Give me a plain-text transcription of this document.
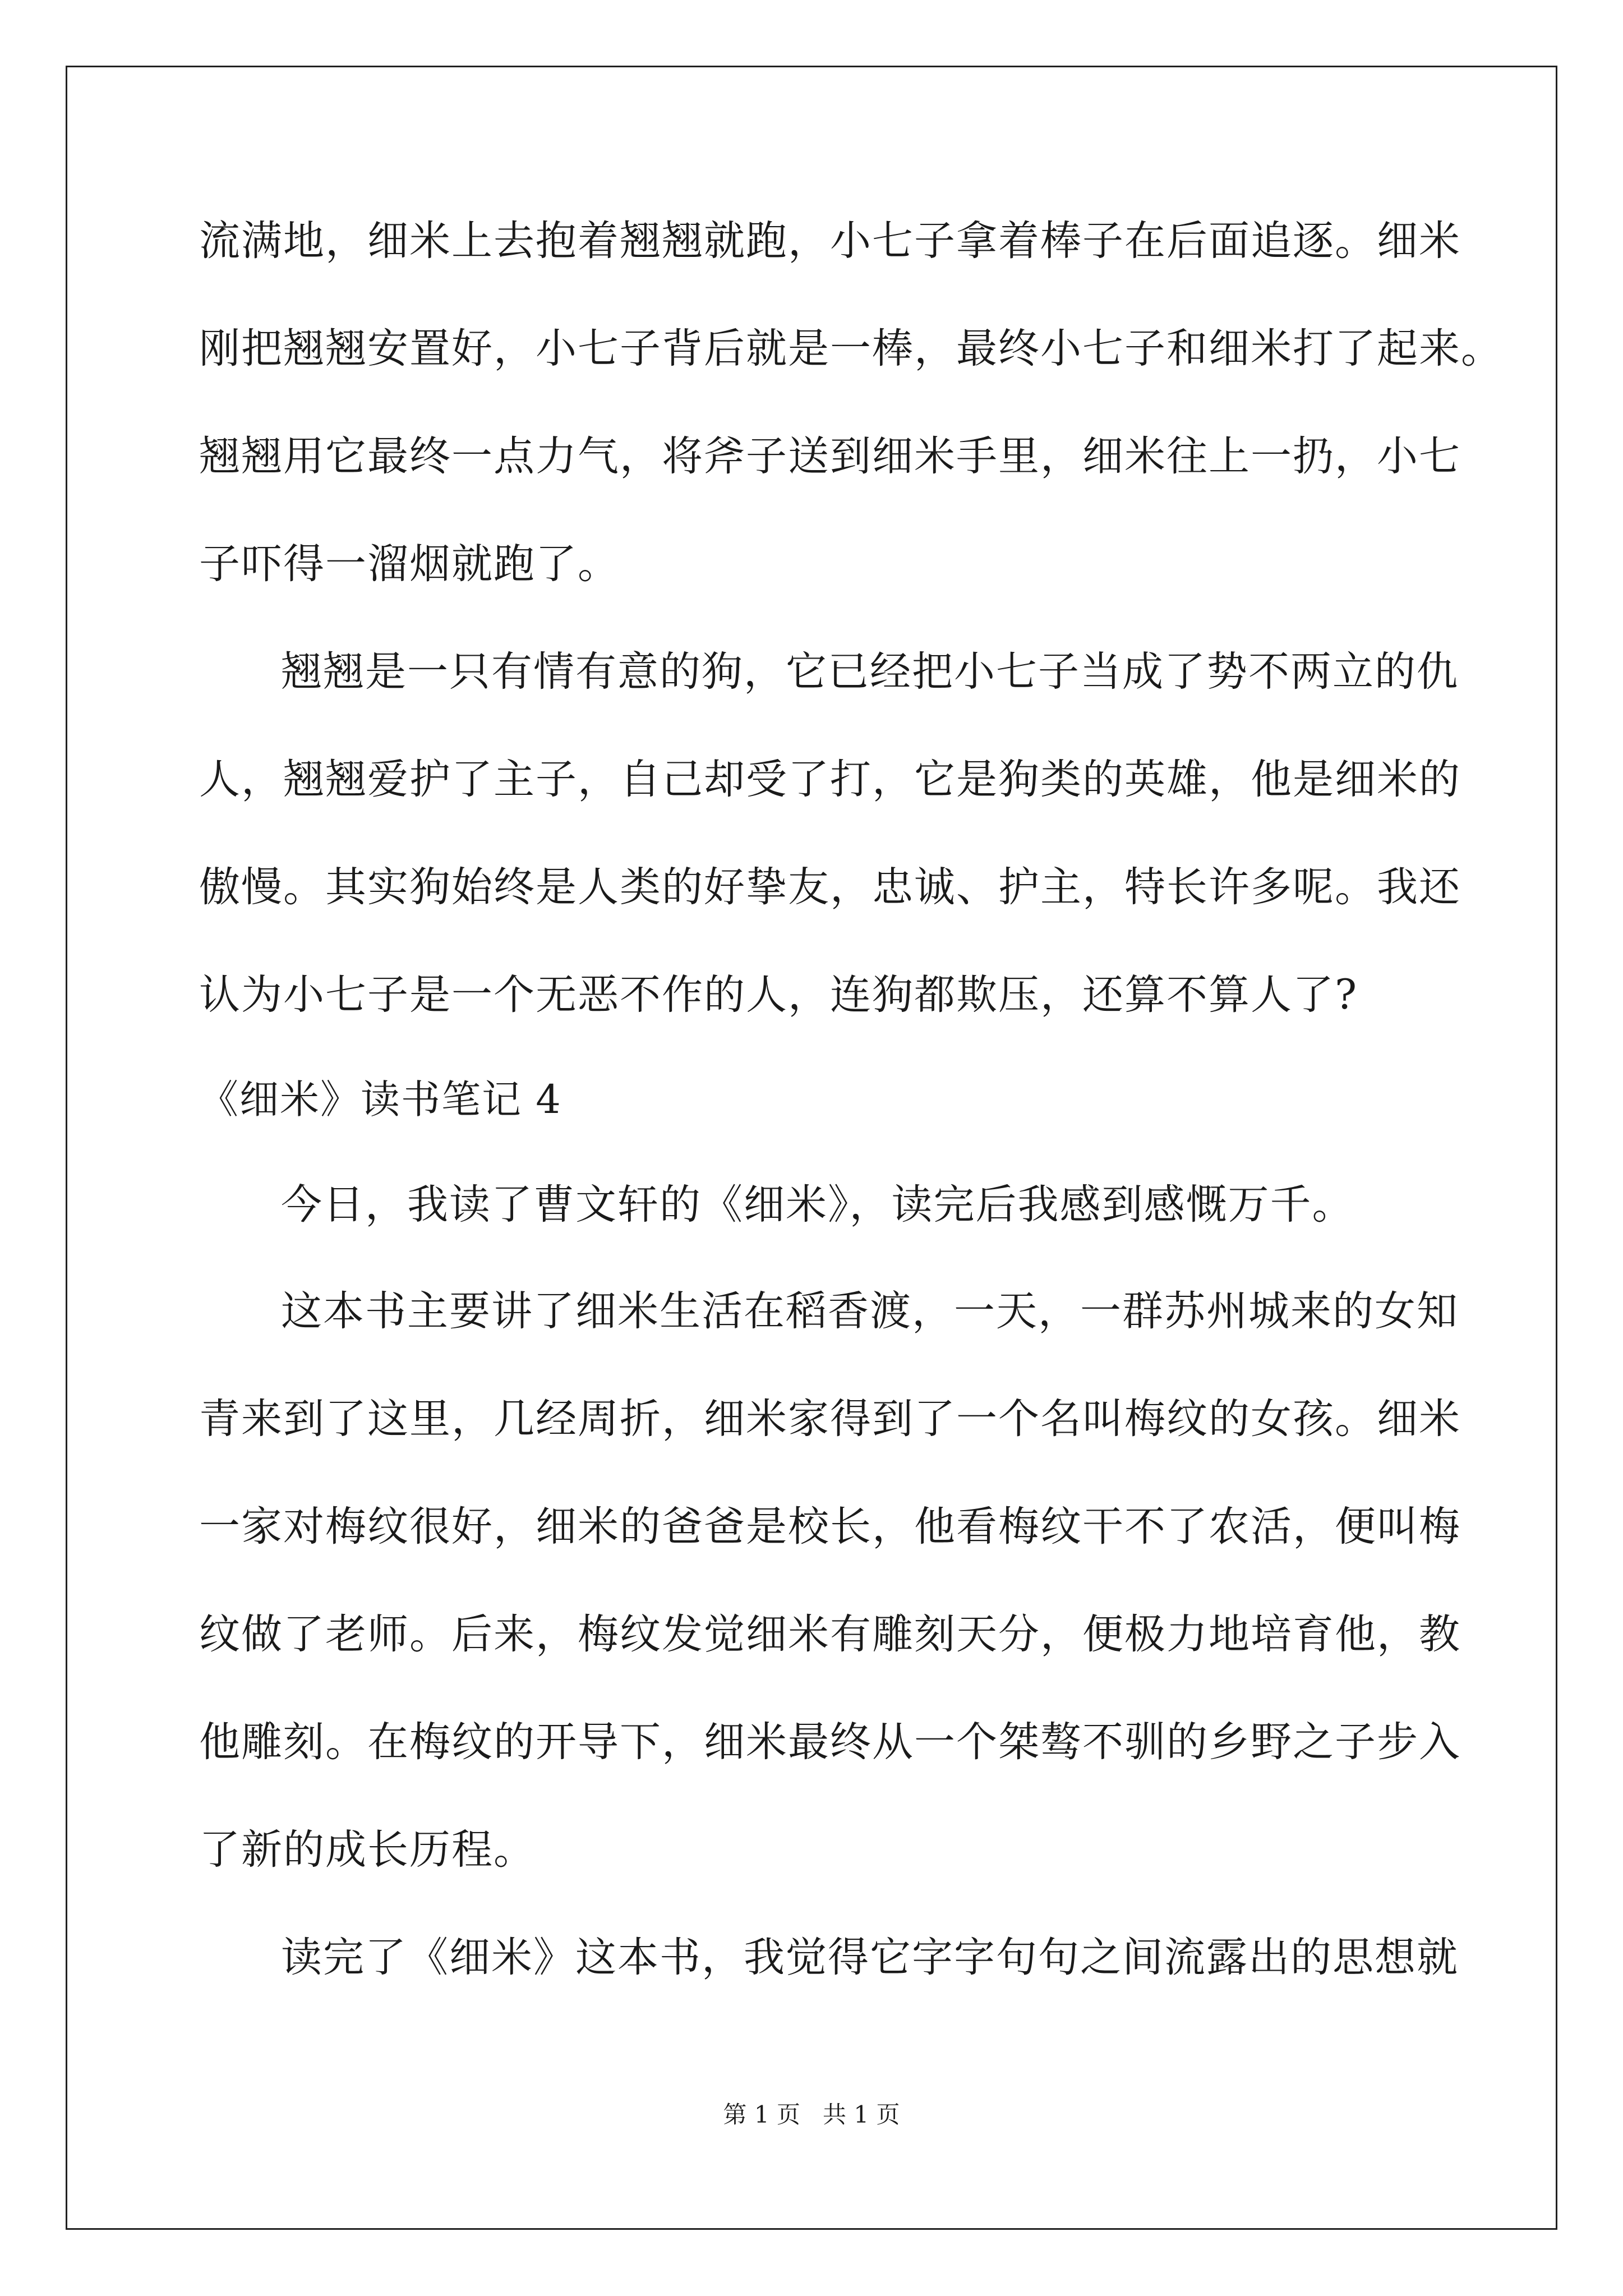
流满地，细米上去抱着翘翘就跑，小七子拿着棒子在后面追逐。细米
刚把翘翘安置好，小七子背后就是一棒，最终小七子和细米打了起来。
翘翘用它最终一点力气，将斧子送到细米手里，细米往上一扔，小七
子吓得一溜烟就跑了。
翘翘是一只有情有意的狗，它已经把小七子当成了势不两立的仇
人，翘翘爱护了主子，自己却受了打，它是狗类的英雄，他是细米的
傲慢。其实狗始终是人类的好挚友，忠诚、护主，特长许多呢。我还
认为小七子是一个无恶不作的人，连狗都欺压，还算不算人了?
《细米》读书笔记 4
今日，我读了曹文轩的《细米》，读完后我感到感慨万千。
这本书主要讲了细米生活在稻香渡，一天，一群苏州城来的女知
青来到了这里，几经周折，细米家得到了一个名叫梅纹的女孩。细米
一家对梅纹很好，细米的爸爸是校长，他看梅纹干不了农活，便叫梅
纹做了老师。后来，梅纹发觉细米有雕刻天分，便极力地培育他，教
他雕刻。在梅纹的开导下，细米最终从一个桀骜不驯的乡野之子步入
了新的成长历程。
读完了《细米》这本书，我觉得它字字句句之间流露出的思想就
第 1 页   共 1 页
